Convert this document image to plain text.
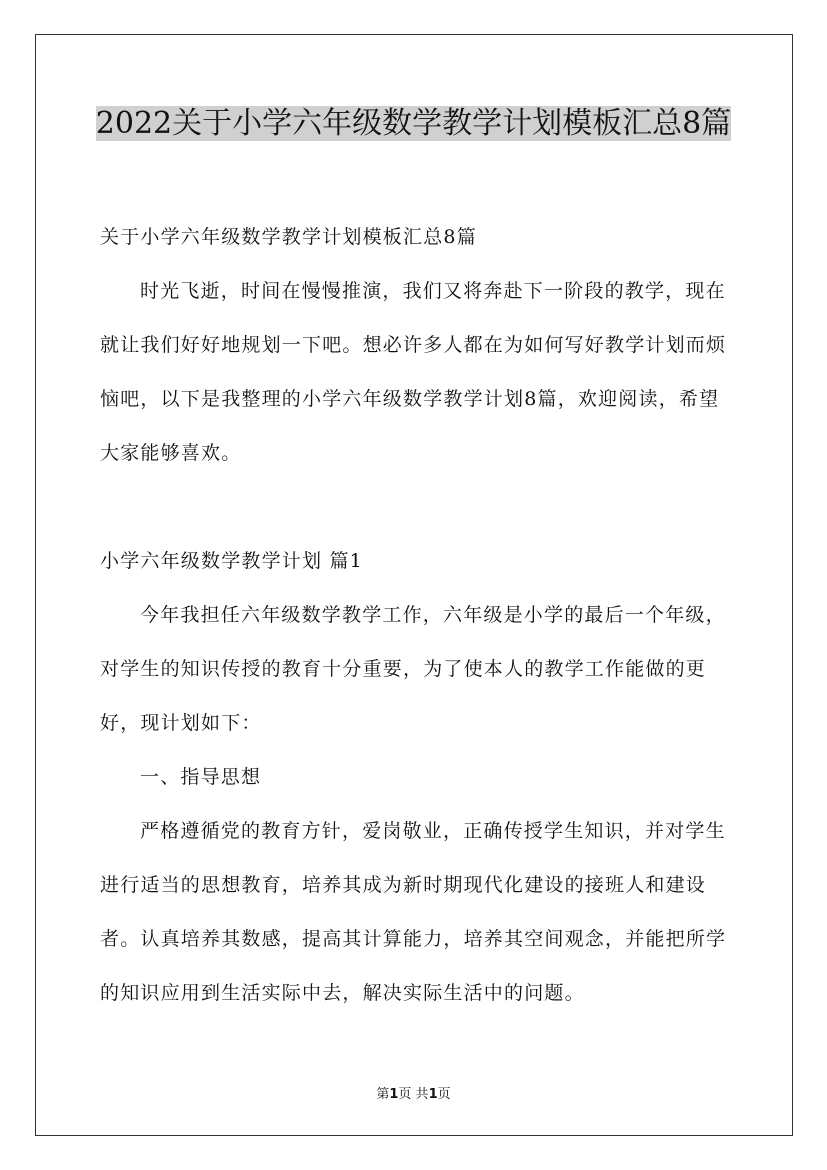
2022关于小学六年级数学教学计划模板汇总8篇

关于小学六年级数学教学计划模板汇总8篇

时光飞逝，时间在慢慢推演，我们又将奔赴下一阶段的教学，现在就让我们好好地规划一下吧。想必许多人都在为如何写好教学计划而烦恼吧，以下是我整理的小学六年级数学教学计划8篇，欢迎阅读，希望大家能够喜欢。

小学六年级数学教学计划 篇1

今年我担任六年级数学教学工作，六年级是小学的最后一个年级，对学生的知识传授的教育十分重要，为了使本人的教学工作能做的更好，现计划如下：

一、指导思想

严格遵循党的教育方针，爱岗敬业，正确传授学生知识，并对学生进行适当的思想教育，培养其成为新时期现代化建设的接班人和建设者。认真培养其数感，提高其计算能力，培养其空间观念，并能把所学的知识应用到生活实际中去，解决实际生活中的问题。

第1页 共1页
